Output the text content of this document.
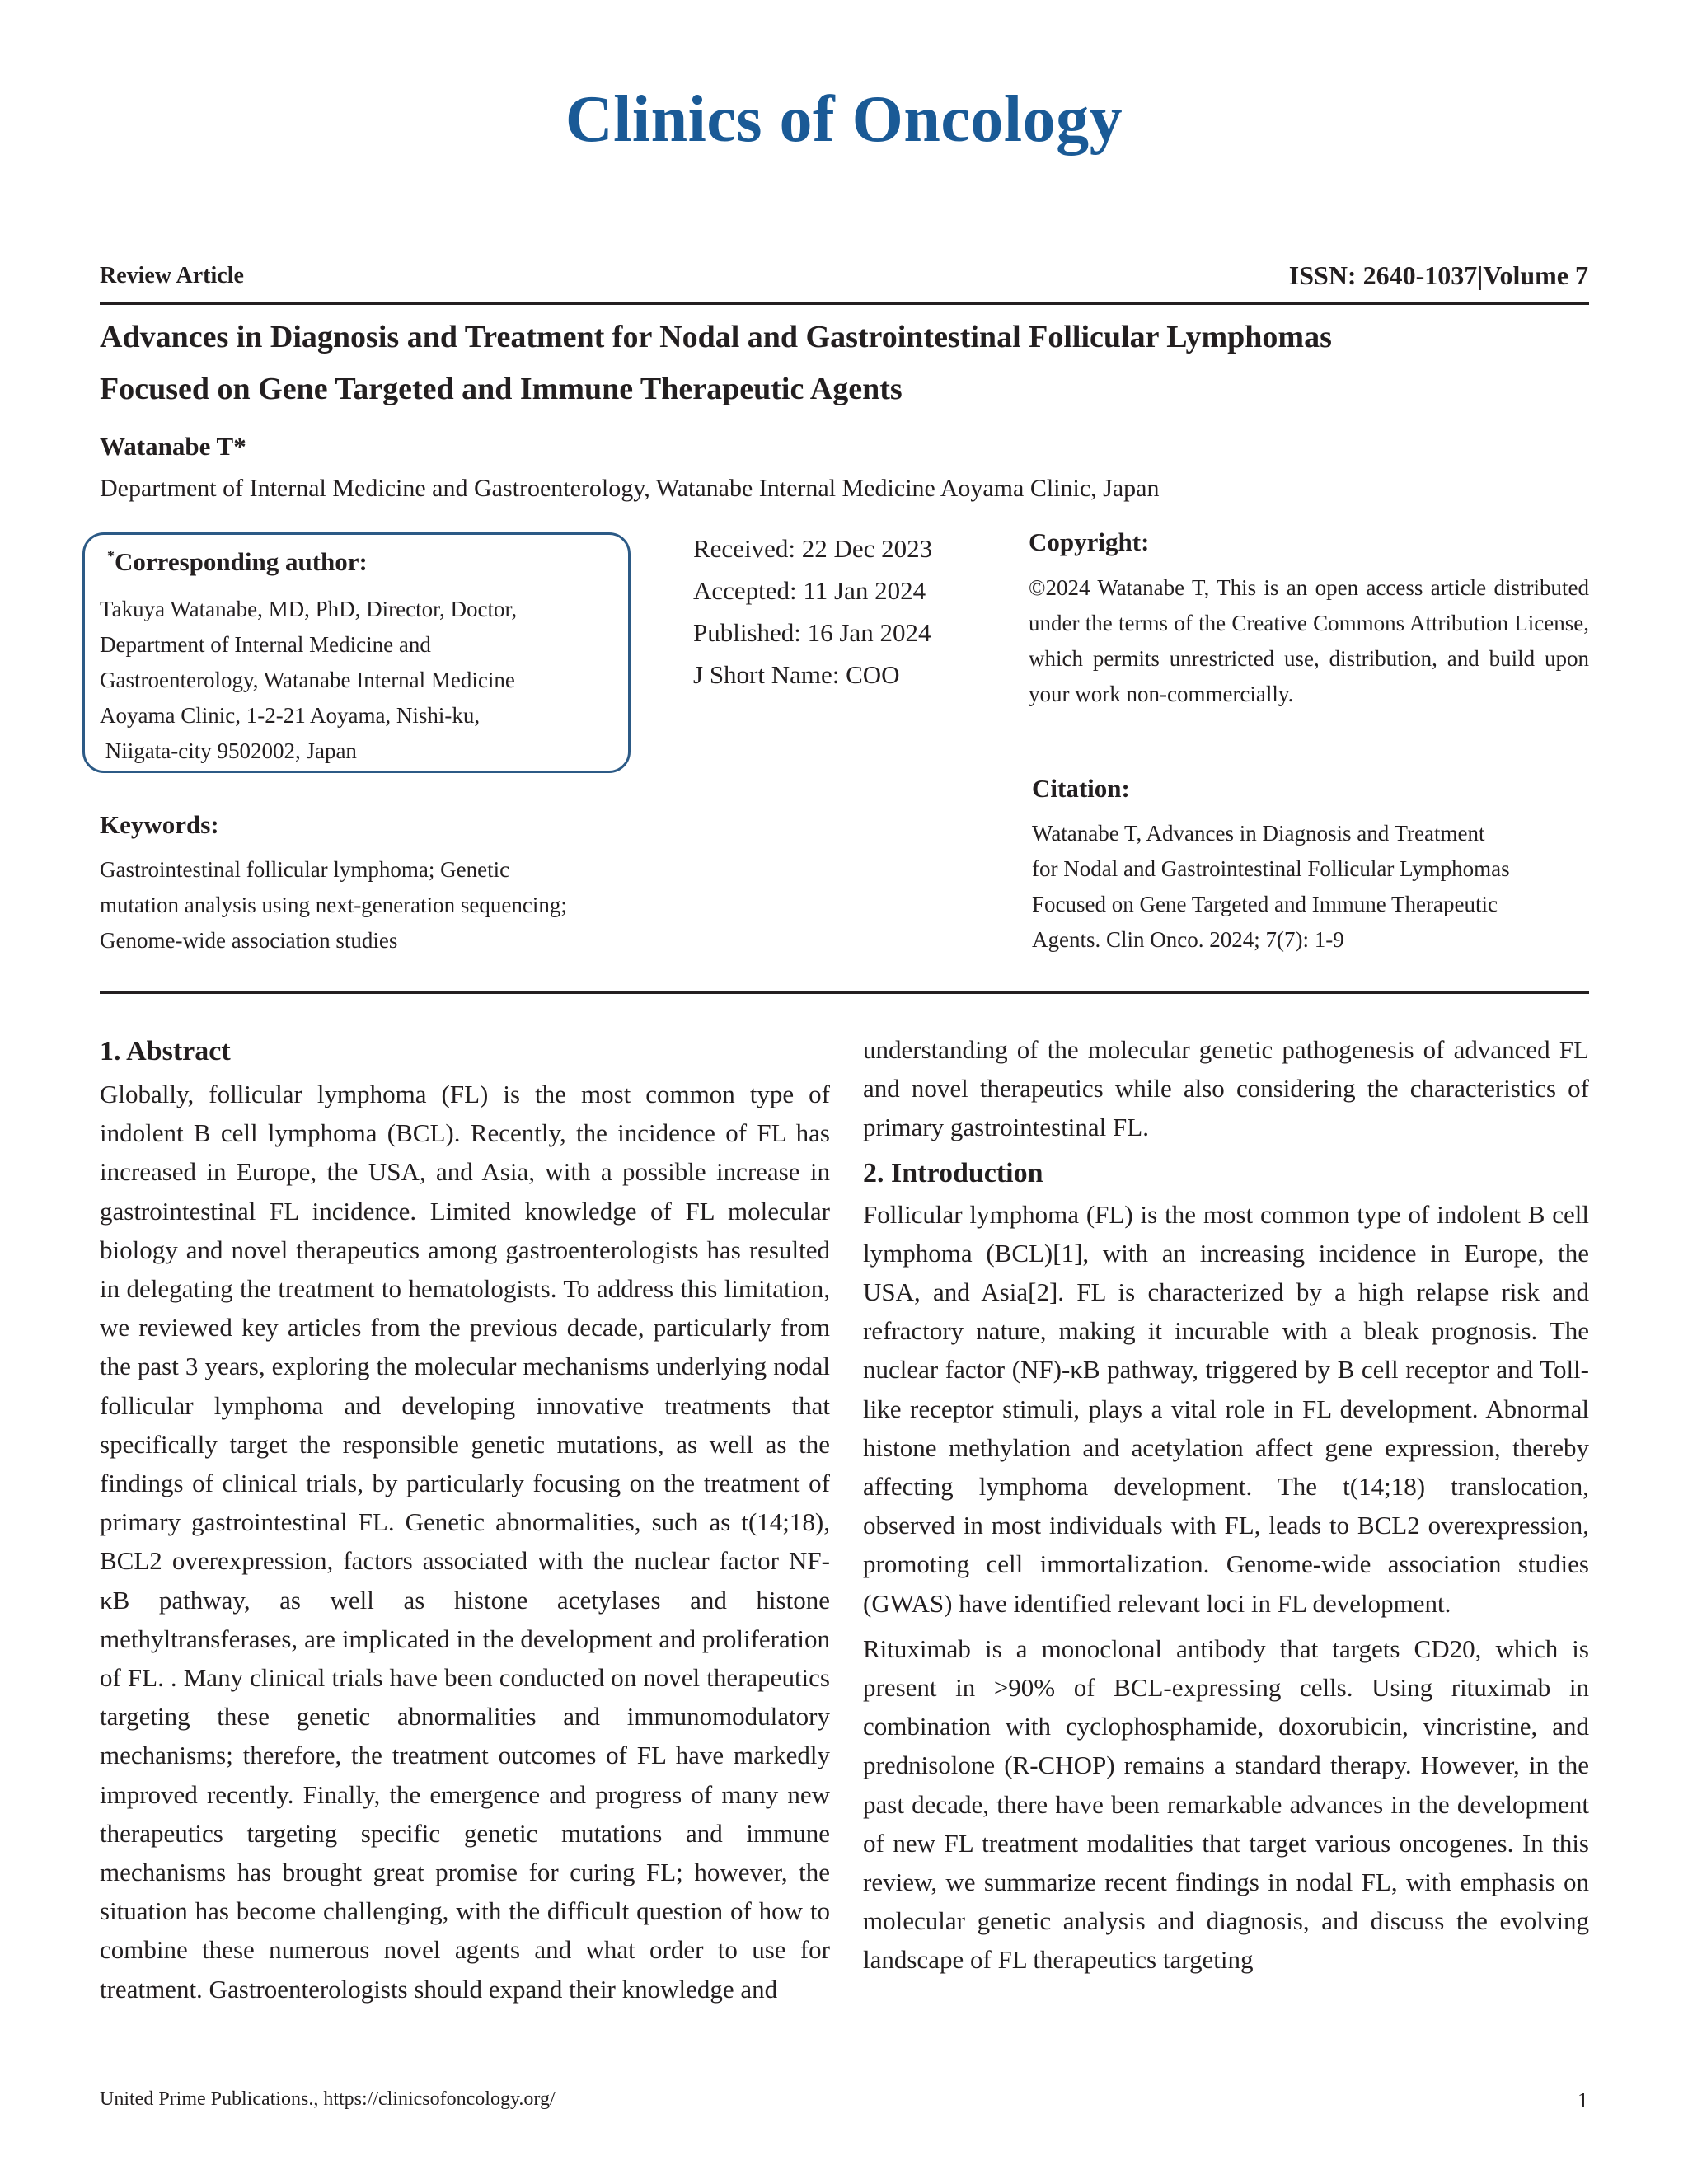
Clinics of Oncology
Review Article	ISSN: 2640-1037|Volume 7
Advances in Diagnosis and Treatment for Nodal and Gastrointestinal Follicular Lymphomas
Focused on Gene Targeted and Immune Therapeutic Agents
Watanabe T*
Department of Internal Medicine and Gastroenterology, Watanabe Internal Medicine Aoyama Clinic, Japan
*Corresponding author:
Takuya Watanabe, MD, PhD, Director, Doctor,
Department of Internal Medicine and
Gastroenterology, Watanabe Internal Medicine
Aoyama Clinic, 1-2-21 Aoyama, Nishi-ku,
Niigata-city 9502002, Japan
Received: 22 Dec 2023
Accepted: 11 Jan 2024
Published: 16 Jan 2024
J Short Name: COO
Copyright:
©2024 Watanabe T, This is an open access article distributed under the terms of the Creative Commons Attribution License, which permits unrestricted use, distribution, and build upon your work non-commercially.
Citation:
Watanabe T, Advances in Diagnosis and Treatment
for Nodal and Gastrointestinal Follicular Lymphomas
Focused on Gene Targeted and Immune Therapeutic
Agents. Clin Onco. 2024; 7(7): 1-9
Keywords:
Gastrointestinal follicular lymphoma; Genetic
mutation analysis using next-generation sequencing;
Genome-wide association studies
1. Abstract

Globally, follicular lymphoma (FL) is the most common type of indolent B cell lymphoma (BCL). Recently, the incidence of FL has increased in Europe, the USA, and Asia, with a possible increase in gastrointestinal FL incidence. Limited knowledge of FL molecular biology and novel therapeutics among gastroenterologists has resulted in delegating the treatment to hematologists. To address this limitation, we reviewed key articles from the previous decade, particularly from the past 3 years, exploring the molecular mechanisms underlying nodal follicular lymphoma and developing innovative treatments that specifically target the responsible genetic mutations, as well as the findings of clinical trials, by particularly focusing on the treatment of primary gastrointestinal FL. Genetic abnormalities, such as t(14;18), BCL2 overexpression, factors associated with the nuclear factor NF-κB pathway, as well as histone acetylases and histone methyltransferases, are implicated in the development and proliferation of FL. . Many clinical trials have been conducted on novel therapeutics targeting these genetic abnormalities and immunomodulatory mechanisms; therefore, the treatment outcomes of FL have markedly improved recently. Finally, the emergence and progress of many new therapeutics targeting specific genetic mutations and immune mechanisms has brought great promise for curing FL; however, the situation has become challenging, with the difficult question of how to combine these numerous novel agents and what order to use for treatment. Gastroenterologists should expand their knowledge and

understanding of the molecular genetic pathogenesis of advanced FL and novel therapeutics while also considering the characteristics of primary gastrointestinal FL.

2. Introduction

Follicular lymphoma (FL) is the most common type of indolent B cell lymphoma (BCL)[1], with an increasing incidence in Europe, the USA, and Asia[2]. FL is characterized by a high relapse risk and refractory nature, making it incurable with a bleak prognosis. The nuclear factor (NF)-κB pathway, triggered by B cell receptor and Toll-like receptor stimuli, plays a vital role in FL development. Abnormal histone methylation and acetylation affect gene expression, thereby affecting lymphoma development. The t(14;18) translocation, observed in most individuals with FL, leads to BCL2 overexpression, promoting cell immortalization. Genome-wide association studies (GWAS) have identified relevant loci in FL development.

Rituximab is a monoclonal antibody that targets CD20, which is present in >90% of BCL-expressing cells. Using rituximab in combination with cyclophosphamide, doxorubicin, vincristine, and prednisolone (R-CHOP) remains a standard therapy. However, in the past decade, there have been remarkable advances in the development of new FL treatment modalities that target various oncogenes. In this review, we summarize recent findings in nodal FL, with emphasis on molecular genetic analysis and diagnosis, and discuss the evolving landscape of FL therapeutics targeting

United Prime Publications., https://clinicsofoncology.org/	1
